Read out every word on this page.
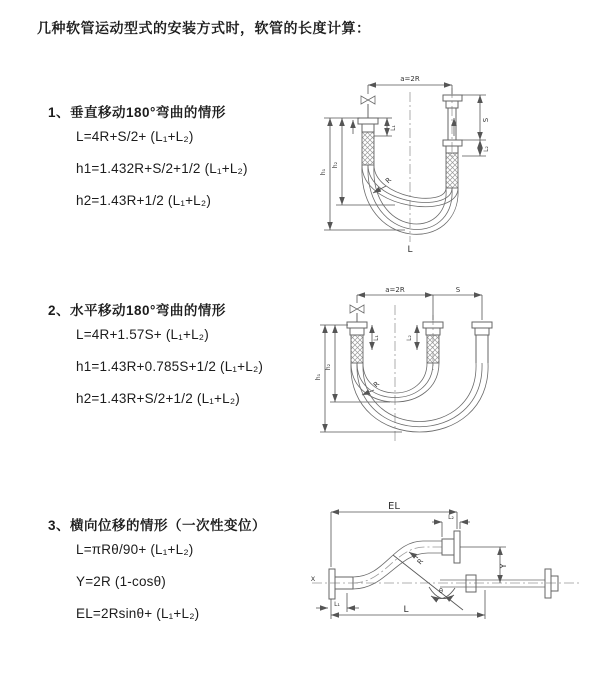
几种软管运动型式的安装方式时，软管的长度计算：
1、垂直移动180°弯曲的情形
L=4R+S/2+ (L₁+L₂)
h1=1.432R+S/2+1/2 (L₁+L₂)
h2=1.43R+1/2 (L₁+L₂)
2、水平移动180°弯曲的情形
L=4R+1.57S+ (L₁+L₂)
h1=1.43R+0.785S+1/2 (L₁+L₂)
h2=1.43R+S/2+1/2 (L₁+L₂)
3、横向位移的情形（一次性变位）
L=πRθ/90+ (L₁+L₂)
Y=2R (1-cosθ)
EL=2Rsinθ+ (L₁+L₂)
a=2R
S
L₂
L₁
h₁
h₂
R
L
a=2R	S
L₁	L₂
h₁
h₂
R
X
EL
L₂
Y
θ
R
L
L₁
